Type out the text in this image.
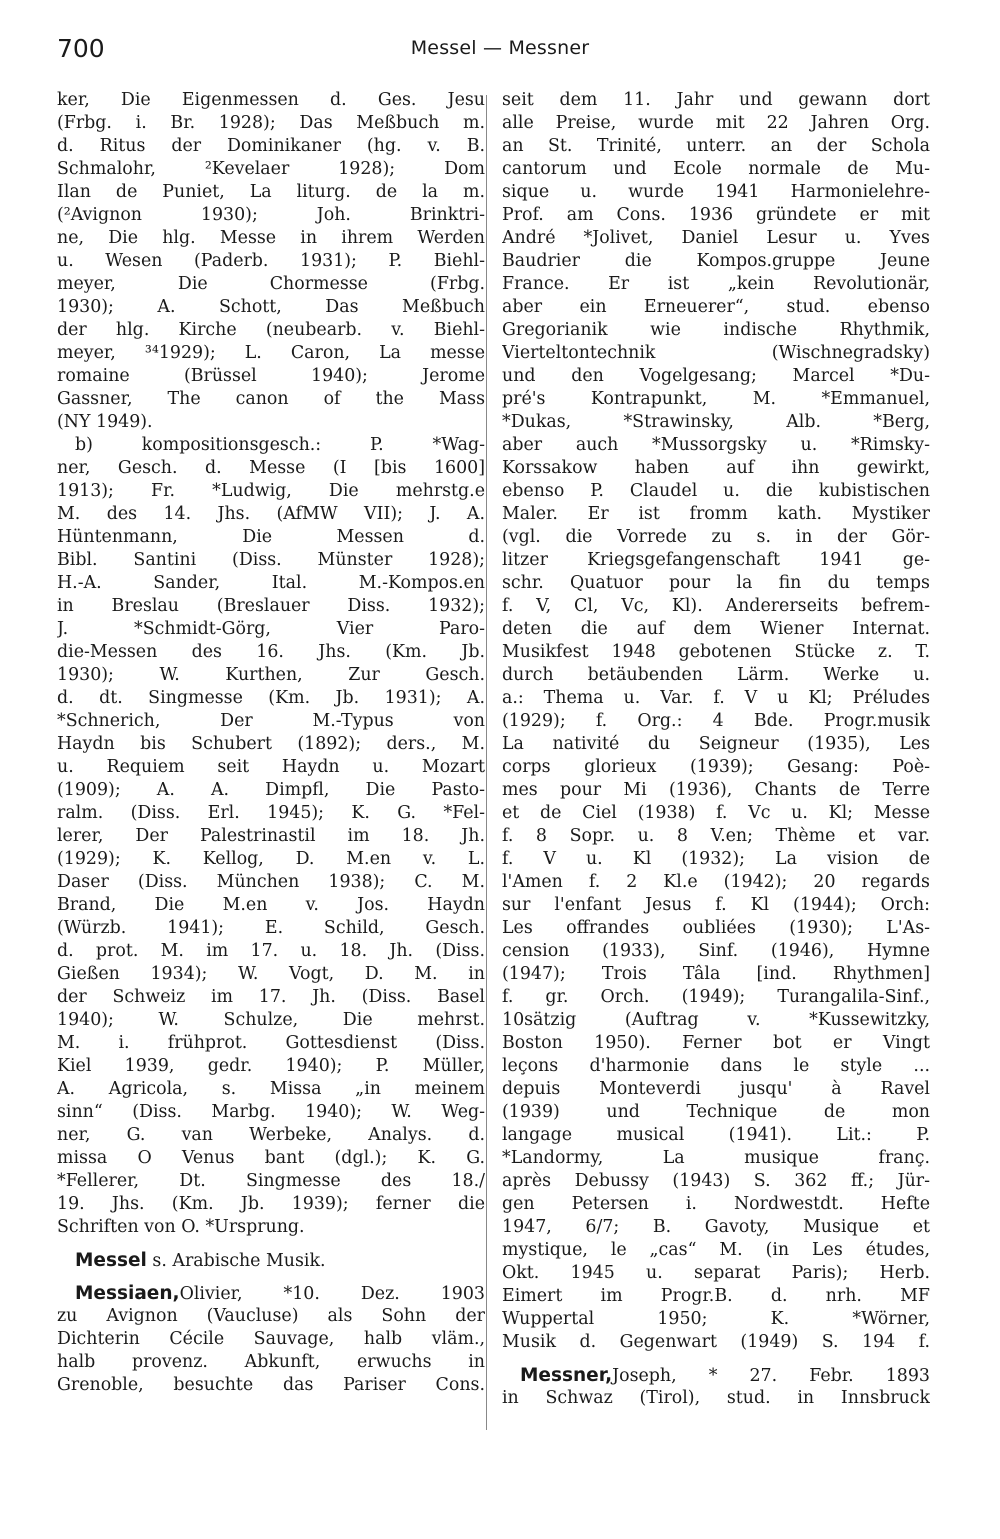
700	Messel — Messner
ker, Die Eigenmessen d. Ges. Jesu
(Frbg. i. Br. 1928); Das Meßbuch m.
d. Ritus der Dominikaner (hg. v. B.
Schmalohr, ²Kevelaer 1928); Dom
Ilan de Puniet, La liturg. de la m.
(²Avignon 1930); Joh. Brinktri-
ne, Die hlg. Messe in ihrem Werden
u. Wesen (Paderb. 1931); P. Biehl-
meyer, Die Chormesse (Frbg.
1930); A. Schott, Das Meßbuch
der hlg. Kirche (neubearb. v. Biehl-
meyer, ³⁴1929); L. Caron, La messe
romaine (Brüssel 1940); Jerome
Gassner, The canon of the Mass
(NY 1949).
b) kompositionsgesch.: P. *Wag-
ner, Gesch. d. Messe (I [bis 1600]
1913); Fr. *Ludwig, Die mehrstg.e
M. des 14. Jhs. (AfMW VII); J. A.
Hüntenmann, Die Messen d.
Bibl. Santini (Diss. Münster 1928);
H.-A. Sander, Ital. M.-Kompos.en
in Breslau (Breslauer Diss. 1932);
J. *Schmidt-Görg, Vier Paro-
die-Messen des 16. Jhs. (Km. Jb.
1930); W. Kurthen, Zur Gesch.
d. dt. Singmesse (Km. Jb. 1931); A.
*Schnerich, Der M.-Typus von
Haydn bis Schubert (1892); ders., M.
u. Requiem seit Haydn u. Mozart
(1909); A. A. Dimpfl, Die Pasto-
ralm. (Diss. Erl. 1945); K. G. *Fel-
lerer, Der Palestrinastil im 18. Jh.
(1929); K. Kellog, D. M.en v. L.
Daser (Diss. München 1938); C. M.
Brand, Die M.en v. Jos. Haydn
(Würzb. 1941); E. Schild, Gesch.
d. prot. M. im 17. u. 18. Jh. (Diss.
Gießen 1934); W. Vogt, D. M. in
der Schweiz im 17. Jh. (Diss. Basel
1940); W. Schulze, Die mehrst.
M. i. frühprot. Gottesdienst (Diss.
Kiel 1939, gedr. 1940); P. Müller,
A. Agricola, s. Missa „in meinem
sinn“ (Diss. Marbg. 1940); W. Weg-
ner, G. van Werbeke, Analys. d.
missa O Venus bant (dgl.); K. G.
*Fellerer, Dt. Singmesse des 18./
19. Jhs. (Km. Jb. 1939); ferner die
Schriften von O. *Ursprung.
Messel s. Arabische Musik.
Messiaen,Olivier, *10. Dez. 1903
zu Avignon (Vaucluse) als Sohn der
Dichterin Cécile Sauvage, halb vläm.,
halb provenz. Abkunft, erwuchs in
Grenoble, besuchte das Pariser Cons.
seit dem 11. Jahr und gewann dort
alle Preise, wurde mit 22 Jahren Org.
an St. Trinité, unterr. an der Schola
cantorum und Ecole normale de Mu-
sique u. wurde 1941 Harmonielehre-
Prof. am Cons. 1936 gründete er mit
André *Jolivet, Daniel Lesur u. Yves
Baudrier die Kompos.gruppe Jeune
France. Er ist „kein Revolutionär,
aber ein Erneuerer“, stud. ebenso
Gregorianik wie indische Rhythmik,
Vierteltontechnik (Wischnegradsky)
und den Vogelgesang; Marcel *Du-
pré's Kontrapunkt, M. *Emmanuel,
*Dukas, *Strawinsky, Alb. *Berg,
aber auch *Mussorgsky u. *Rimsky-
Korssakow haben auf ihn gewirkt,
ebenso P. Claudel u. die kubistischen
Maler. Er ist fromm kath. Mystiker
(vgl. die Vorrede zu s. in der Gör-
litzer Kriegsgefangenschaft 1941 ge-
schr. Quatuor pour la fin du temps
f. V, Cl, Vc, Kl). Andererseits befrem-
deten die auf dem Wiener Internat.
Musikfest 1948 gebotenen Stücke z. T.
durch betäubenden Lärm. Werke u.
a.: Thema u. Var. f. V u Kl; Préludes
(1929); f. Org.: 4 Bde. Progr.musik
La nativité du Seigneur (1935), Les
corps glorieux (1939); Gesang: Poè-
mes pour Mi (1936), Chants de Terre
et de Ciel (1938) f. Vc u. Kl; Messe
f. 8 Sopr. u. 8 V.en; Thème et var.
f. V u. Kl (1932); La vision de
l'Amen f. 2 Kl.e (1942); 20 regards
sur l'enfant Jesus f. Kl (1944); Orch:
Les offrandes oubliées (1930); L'As-
cension (1933), Sinf. (1946), Hymne
(1947); Trois Tâla [ind. Rhythmen]
f. gr. Orch. (1949); Turangalila-Sinf.,
10sätzig (Auftrag v. *Kussewitzky,
Boston 1950). Ferner bot er Vingt
leçons d'harmonie dans le style ...
depuis Monteverdi jusqu' à Ravel
(1939) und Technique de mon
langage musical (1941). Lit.: P.
*Landormy, La musique franç.
après Debussy (1943) S. 362 ff.; Jür-
gen Petersen i. Nordwestdt. Hefte
1947, 6/7; B. Gavoty, Musique et
mystique, le „cas“ M. (in Les études,
Okt. 1945 u. separat Paris); Herb.
Eimert im Progr.B. d. nrh. MF
Wuppertal 1950; K. *Wörner,
Musik d. Gegenwart (1949) S. 194 f.
Messner,Joseph, * 27. Febr. 1893
in Schwaz (Tirol), stud. in Innsbruck
